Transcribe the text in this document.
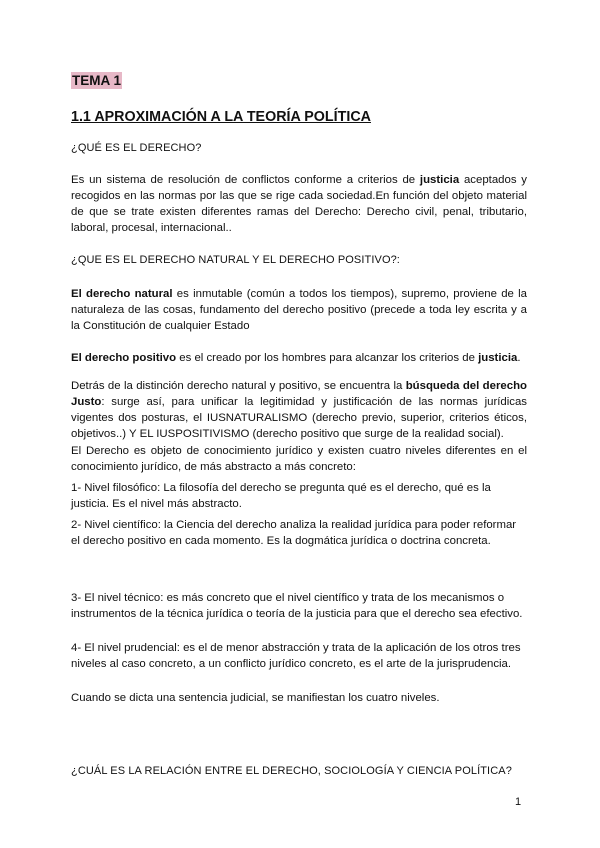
TEMA 1
1.1 APROXIMACIÓN A LA TEORÍA POLÍTICA

¿QUÉ ES EL DERECHO?

Es un sistema de resolución de conflictos conforme a criterios de justicia aceptados y recogidos en las normas por las que se rige cada sociedad.En función del objeto material de que se trate existen diferentes ramas del Derecho: Derecho civil, penal, tributario, laboral, procesal, internacional..

¿QUE ES EL DERECHO NATURAL Y EL DERECHO POSITIVO?:

El derecho natural es inmutable (común a todos los tiempos), supremo, proviene de la naturaleza de las cosas, fundamento del derecho positivo (precede a toda ley escrita y a la Constitución de cualquier Estado

El derecho positivo es el creado por los hombres para alcanzar los criterios de justicia.

Detrás de la distinción derecho natural y positivo, se encuentra la búsqueda del derecho Justo: surge así, para unificar la legitimidad y justificación de las normas jurídicas vigentes dos posturas, el IUSNATURALISMO (derecho previo, superior, criterios éticos, objetivos..) Y EL IUSPOSITIVISMO (derecho positivo que surge de la realidad social).

El Derecho es objeto de conocimiento jurídico y existen cuatro niveles diferentes en el conocimiento jurídico, de más abstracto a más concreto:

1- Nivel filosófico: La filosofía del derecho se pregunta qué es el derecho, qué es la justicia. Es el nivel más abstracto.

2- Nivel científico: la Ciencia del derecho analiza la realidad jurídica para poder reformar el derecho positivo en cada momento. Es la dogmática jurídica o doctrina concreta.

3- El nivel técnico: es más concreto que el nivel científico y trata de los mecanismos o instrumentos de la técnica jurídica o teoría de la justicia para que el derecho sea efectivo.

4- El nivel prudencial: es el de menor abstracción y trata de la aplicación de los otros tres niveles al caso concreto, a un conflicto jurídico concreto, es el arte de la jurisprudencia.

Cuando se dicta una sentencia judicial, se manifiestan los cuatro niveles.

¿CUÁL ES LA RELACIÓN ENTRE EL DERECHO, SOCIOLOGÍA Y CIENCIA POLÍTICA?

1
